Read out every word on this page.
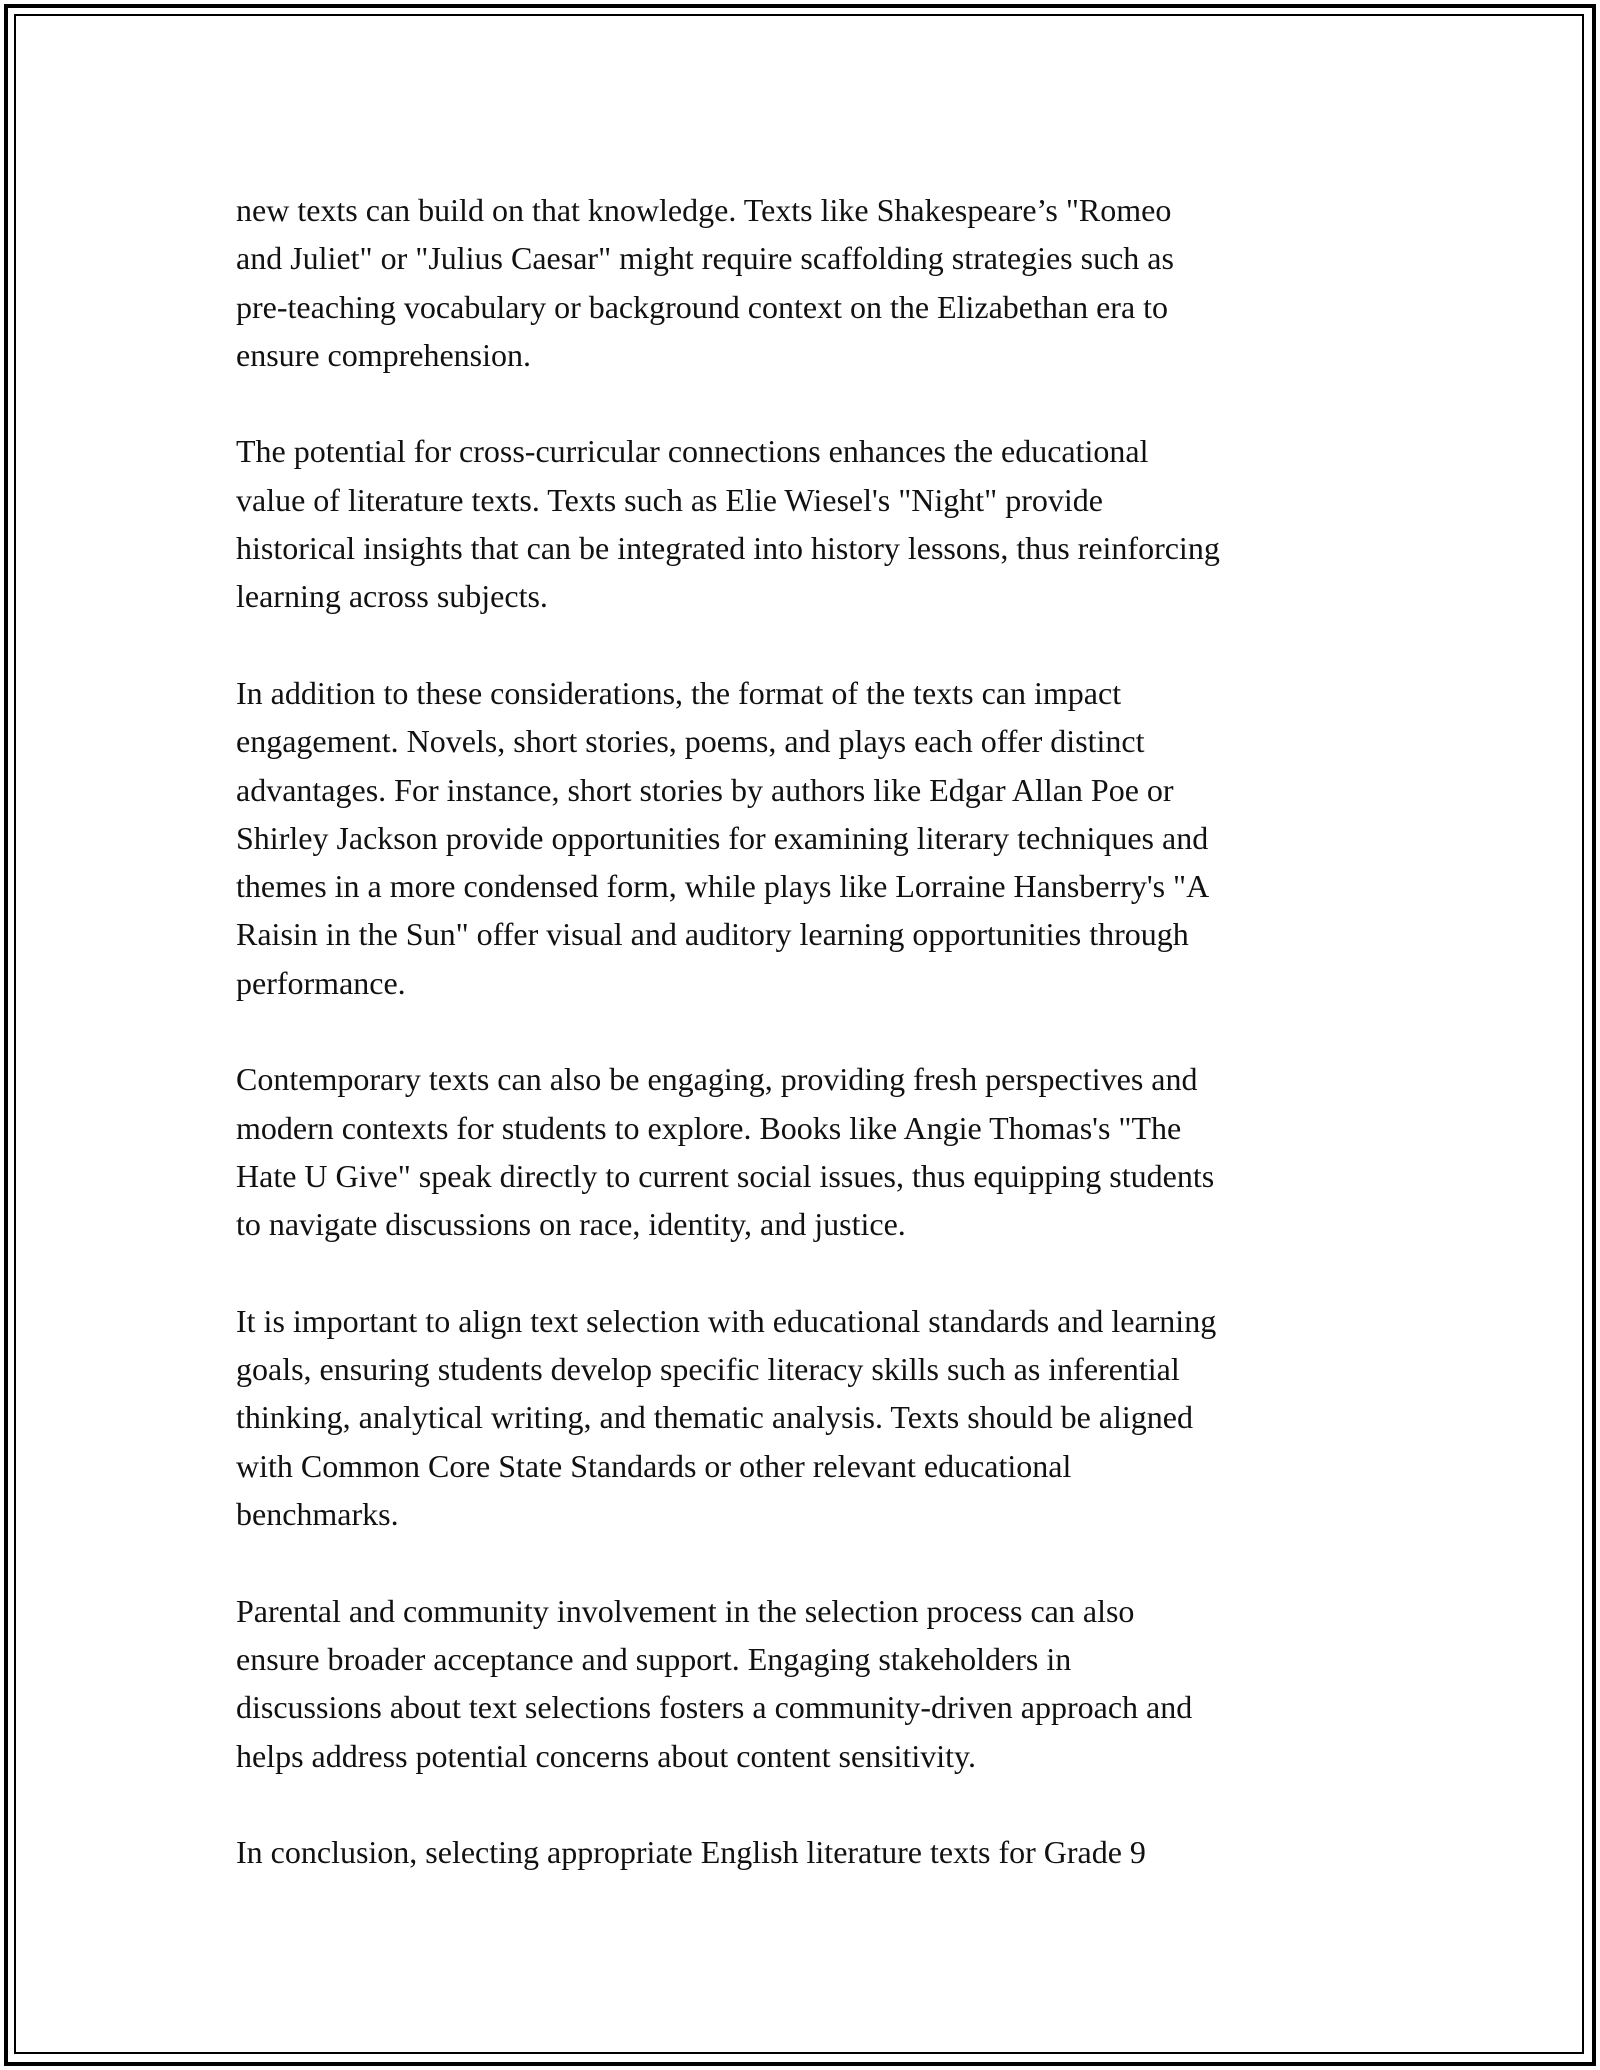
new texts can build on that knowledge. Texts like Shakespeare’s "Romeo
and Juliet" or "Julius Caesar" might require scaffolding strategies such as
pre-teaching vocabulary or background context on the Elizabethan era to
ensure comprehension.

The potential for cross-curricular connections enhances the educational
value of literature texts. Texts such as Elie Wiesel's "Night" provide
historical insights that can be integrated into history lessons, thus reinforcing
learning across subjects.

In addition to these considerations, the format of the texts can impact
engagement. Novels, short stories, poems, and plays each offer distinct
advantages. For instance, short stories by authors like Edgar Allan Poe or
Shirley Jackson provide opportunities for examining literary techniques and
themes in a more condensed form, while plays like Lorraine Hansberry's "A
Raisin in the Sun" offer visual and auditory learning opportunities through
performance.

Contemporary texts can also be engaging, providing fresh perspectives and
modern contexts for students to explore. Books like Angie Thomas's "The
Hate U Give" speak directly to current social issues, thus equipping students
to navigate discussions on race, identity, and justice.

It is important to align text selection with educational standards and learning
goals, ensuring students develop specific literacy skills such as inferential
thinking, analytical writing, and thematic analysis. Texts should be aligned
with Common Core State Standards or other relevant educational
benchmarks.

Parental and community involvement in the selection process can also
ensure broader acceptance and support. Engaging stakeholders in
discussions about text selections fosters a community-driven approach and
helps address potential concerns about content sensitivity.

In conclusion, selecting appropriate English literature texts for Grade 9
